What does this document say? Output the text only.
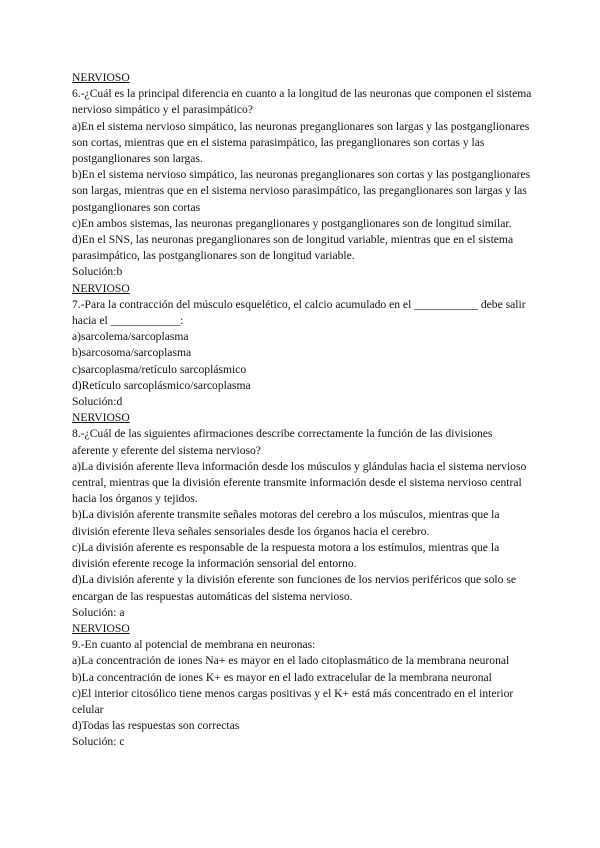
NERVIOSO

6.-¿Cuál es la principal diferencia en cuanto a la longitud de las neuronas que componen el sistema nervioso simpático y el parasimpático?

a)En el sistema nervioso simpático, las neuronas preganglionares son largas y las postganglionares son cortas, mientras que en el sistema parasimpático, las preganglionares son cortas y las postganglionares son largas.

b)En el sistema nervioso simpático, las neuronas preganglionares son cortas y las postganglionares son largas, mientras que en el sistema nervioso parasimpático, las preganglionares son largas y las postganglionares son cortas

c)En ambos sistemas, las neuronas preganglionares y postganglionares son de longitud similar.

d)En el SNS, las neuronas preganglionares son de longitud variable, mientras que en el sistema parasimpático, las postganglionares son de longitud variable.

Solución:b

NERVIOSO

7.-Para la contracción del músculo esquelético, el calcio acumulado en el ___________ debe salir hacia el ____________:

a)sarcolema/sarcoplasma

b)sarcosoma/sarcoplasma

c)sarcoplasma/retículo sarcoplásmico

d)Retículo sarcoplásmico/sarcoplasma

Solución:d

NERVIOSO

8.-¿Cuál de las siguientes afirmaciones describe correctamente la función de las divisiones aferente y eferente del sistema nervioso?

a)La división aferente lleva información desde los músculos y glándulas hacia el sistema nervioso central, mientras que la división eferente transmite información desde el sistema nervioso central hacia los órganos y tejidos.

b)La división aferente transmite señales motoras del cerebro a los músculos, mientras que la división eferente lleva señales sensoriales desde los órganos hacia el cerebro.

c)La división aferente es responsable de la respuesta motora a los estímulos, mientras que la división eferente recoge la información sensorial del entorno.

d)La división aferente y la división eferente son funciones de los nervios periféricos que solo se encargan de las respuestas automáticas del sistema nervioso.

Solución: a

NERVIOSO

9.-En cuanto al potencial de membrana en neuronas:

a)La concentración de iones Na+ es mayor en el lado citoplasmático de la membrana neuronal

b)La concentración de iones K+ es mayor en el lado extracelular de la membrana neuronal

c)El interior citosólico tiene menos cargas positivas y el K+ está más concentrado en el interior celular

d)Todas las respuestas son correctas

Solución: c
